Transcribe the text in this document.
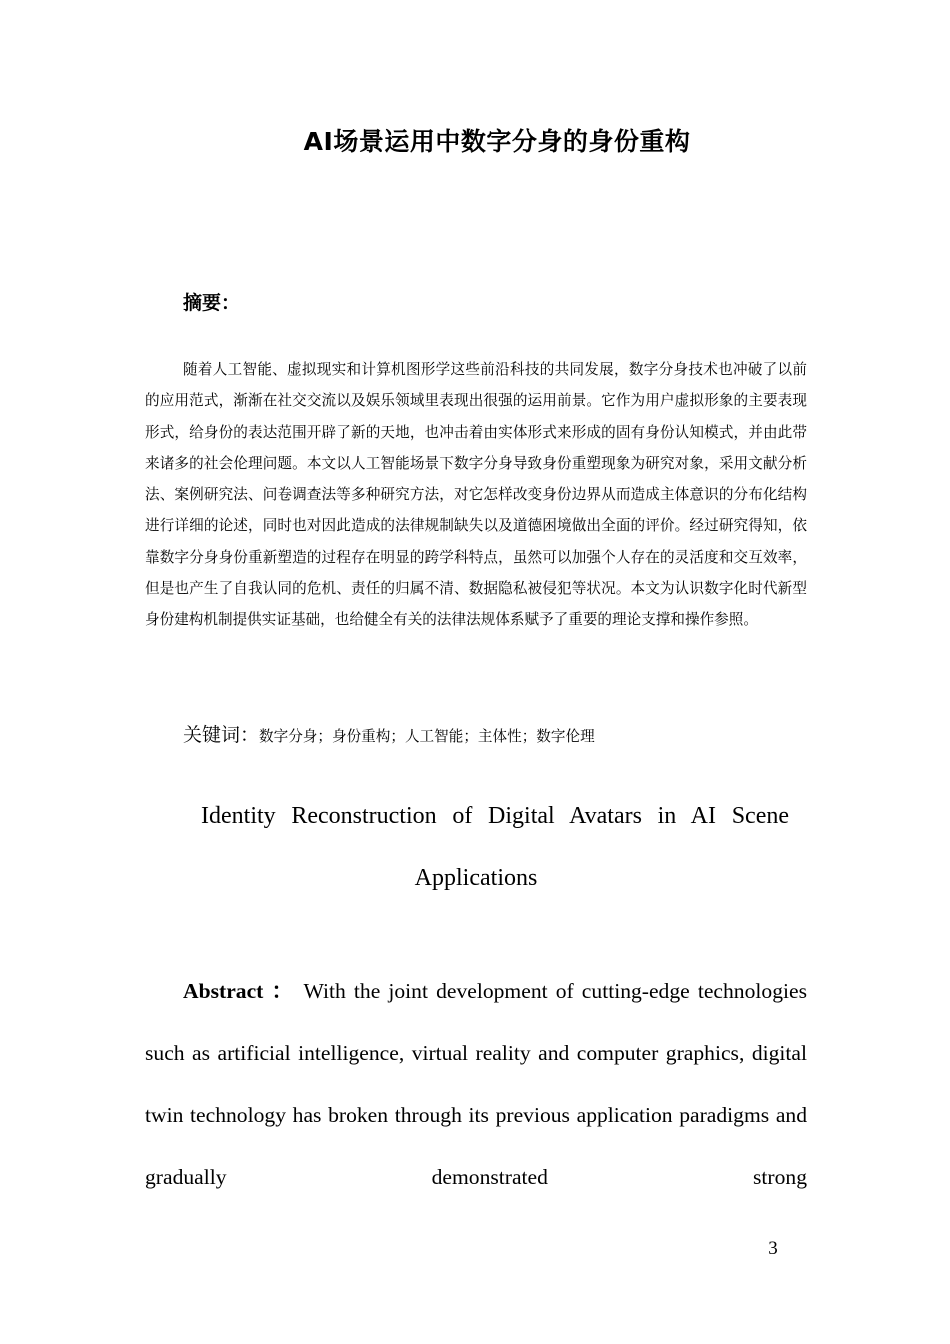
AI场景运用中数字分身的身份重构
摘要：
随着人工智能、虚拟现实和计算机图形学这些前沿科技的共同发展，数字分身技术也冲破了以前的应用范式，渐渐在社交交流以及娱乐领域里表现出很强的运用前景。它作为用户虚拟形象的主要表现形式，给身份的表达范围开辟了新的天地，也冲击着由实体形式来形成的固有身份认知模式，并由此带来诸多的社会伦理问题。本文以人工智能场景下数字分身导致身份重塑现象为研究对象，采用文献分析法、案例研究法、问卷调查法等多种研究方法，对它怎样改变身份边界从而造成主体意识的分布化结构进行详细的论述，同时也对因此造成的法律规制缺失以及道德困境做出全面的评价。经过研究得知，依靠数字分身身份重新塑造的过程存在明显的跨学科特点，虽然可以加强个人存在的灵活度和交互效率，但是也产生了自我认同的危机、责任的归属不清、数据隐私被侵犯等状况。本文为认识数字化时代新型身份建构机制提供实证基础，也给健全有关的法律法规体系赋予了重要的理论支撑和操作参照。
关键词：数字分身；身份重构；人工智能；主体性；数字伦理
Identity Reconstruction of Digital Avatars in AI Scene
Applications
Abstract ： With the joint development of cutting-edge technologies such as artificial intelligence, virtual reality and computer graphics, digital twin technology has broken through its previous application paradigms and gradually demonstrated strong
3
